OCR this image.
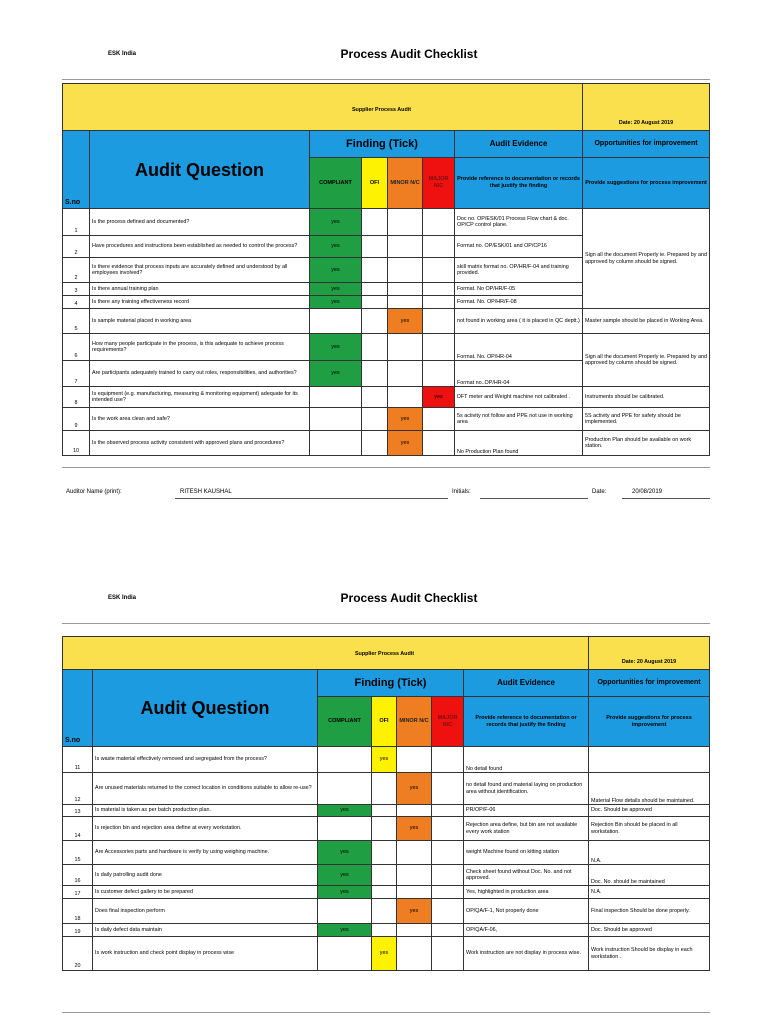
ESK India	Process Audit Checklist
Supplier Process Audit							Date: 20 August 2019
S.no	Audit Question	Finding (Tick)				Audit Evidence	Opportunities for improvement
		COMPLIANT	OFI	MINOR N/C	MAJOR N/C	Provide reference to documentation or records that justify the finding	Provide suggestions for process improvement
1	Is the process defined and documented?	yes				Doc no. OP/ESK/01 Process Flow chart & doc. OP/CP control plane.	Sign all the document Properly ie. Prepared by and approved by column should be signed.
2	Have procedures and instructions been established as needed to control the process?	yes				Format no. OP/ESK/01 and OP/CP16	
2	Is there evidence that process inputs are accurately defined and understood by all employees involved?	yes				skill matrix format no. OP/HR/F-04 and training provided.	
3	Is there annual training plan	yes				Format. No OP/HR/F-05	
4	Is there any training effectiveness record	yes				Format. No. OP/HR/F-08	
5	Is sample material placed in working area			yes		not found in working area ( it is placed in QC deptt.)	Master sample should be placed in Working Area.
6	How many people participate in the process, is this adequate to achieve process requirements?	yes				Format. No. OP/HR-04	Sign all the document Properly ie. Prepared by and approved by column should be signed.
7	Are participants adequately trained to carry out roles, responsibilities, and authorities?	yes				Format no..OP/HR-04	
8	Is equipment (e.g. manufacturing, measuring & monitoring equipment) adequate for its intended use?				yes	DFT meter and Weight machine not calibrated .	Instruments should be calibrated.
9	Is the work area clean and safe?			yes		5s activity not follow and PPE not use in working area	5S activity and PPE for safety should be implemented.
10	Is the observed process activity consistent with approved plans and procedures?			yes		No Production Plan found	Production Plan should be available on work station.
Auditor Name (print):	RITESH KAUSHAL	Initials:	Date:	20/08/2019
ESK India	Process Audit Checklist
Supplier Process Audit							Date: 20 August 2019
S.no	Audit Question	Finding (Tick)				Audit Evidence	Opportunities for improvement
		COMPLIANT	OFI	MINOR N/C	MAJOR N/C	Provide reference to documentation or records that justify the finding	Provide suggestions for process improvement
11	Is waste material effectively removed and segregated from the process?		yes			No detail found	
12	Are unused materials returned to the correct location in conditions suitable to allow re-use?			yes		no detail found and material laying on production area without identification.	Material Flow details should be maintained.
13	Is material is taken as per batch production plan.	yes				PR/OP/F-06	Doc. Should be approved
14	Is rejection bin and rejection area define at every workstation.			yes		Rejection area define, but bin are not available every work station	Rejection Bin should be placed in all workstation.
15	Are Accessories parts and hardware is verify by using weighing machine.	yes				weight Machine found on kitting station	N.A.
16	Is daily patrolling audit done	yes				Check sheet found without Doc. No. and not approved.	Doc. No. should be maintained
17	Is customer defect gallery to be prepared	yes				Yes, highlighted in production area	N.A.
18	Does final inspection perform			yes		OP/QA/F-1, Not properly done	Final inspection Should be done properly.
19	Is daily defect data maintain	yes				OP/QA/F-06,	Doc. Should be approved
20	Is work instruction and check point display in process wise		yes			Work instruction are not display in process wise.	Work instruction Should be display in each workstation .
